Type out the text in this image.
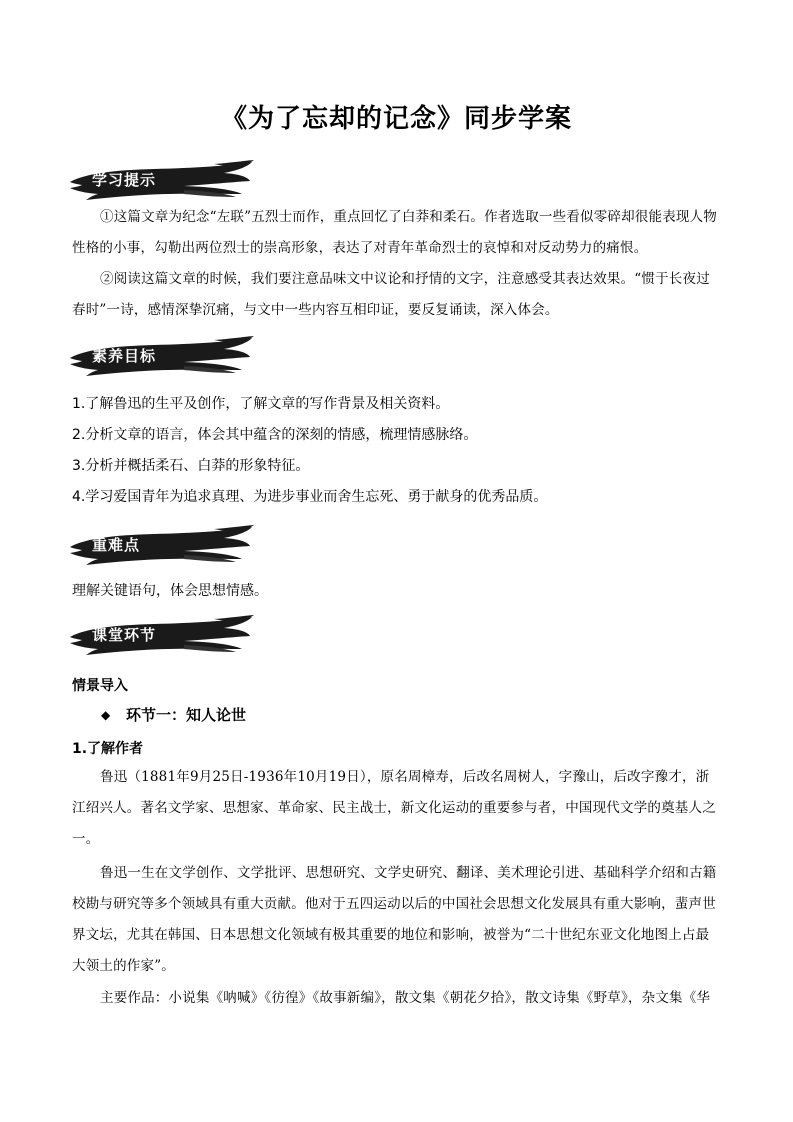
《为了忘却的记念》同步学案
学习提示

①这篇文章为纪念“左联”五烈士而作，重点回忆了白莽和柔石。作者选取一些看似零碎却很能表现人物性格的小事，勾勒出两位烈士的崇高形象，表达了对青年革命烈士的哀悼和对反动势力的痛恨。

②阅读这篇文章的时候，我们要注意品味文中议论和抒情的文字，注意感受其表达效果。“惯于长夜过春时”一诗，感情深挚沉痛，与文中一些内容互相印证，要反复诵读，深入体会。

素养目标

1.了解鲁迅的生平及创作，了解文章的写作背景及相关资料。

2.分析文章的语言，体会其中蕴含的深刻的情感，梳理情感脉络。

3.分析并概括柔石、白莽的形象特征。

4.学习爱国青年为追求真理、为进步事业而舍生忘死、勇于献身的优秀品质。

重难点

理解关键语句，体会思想情感。

课堂环节

情景导入

◆ 环节一：知人论世

1.了解作者

鲁迅（1881年9月25日-1936年10月19日），原名周樟寿，后改名周树人，字豫山，后改字豫才，浙江绍兴人。著名文学家、思想家、革命家、民主战士，新文化运动的重要参与者，中国现代文学的奠基人之一。

鲁迅一生在文学创作、文学批评、思想研究、文学史研究、翻译、美术理论引进、基础科学介绍和古籍校勘与研究等多个领域具有重大贡献。他对于五四运动以后的中国社会思想文化发展具有重大影响，蜚声世界文坛，尤其在韩国、日本思想文化领域有极其重要的地位和影响，被誉为“二十世纪东亚文化地图上占最大领土的作家”。

主要作品：小说集《呐喊》《彷徨》《故事新编》，散文集《朝花夕拾》，散文诗集《野草》，杂文集《华
